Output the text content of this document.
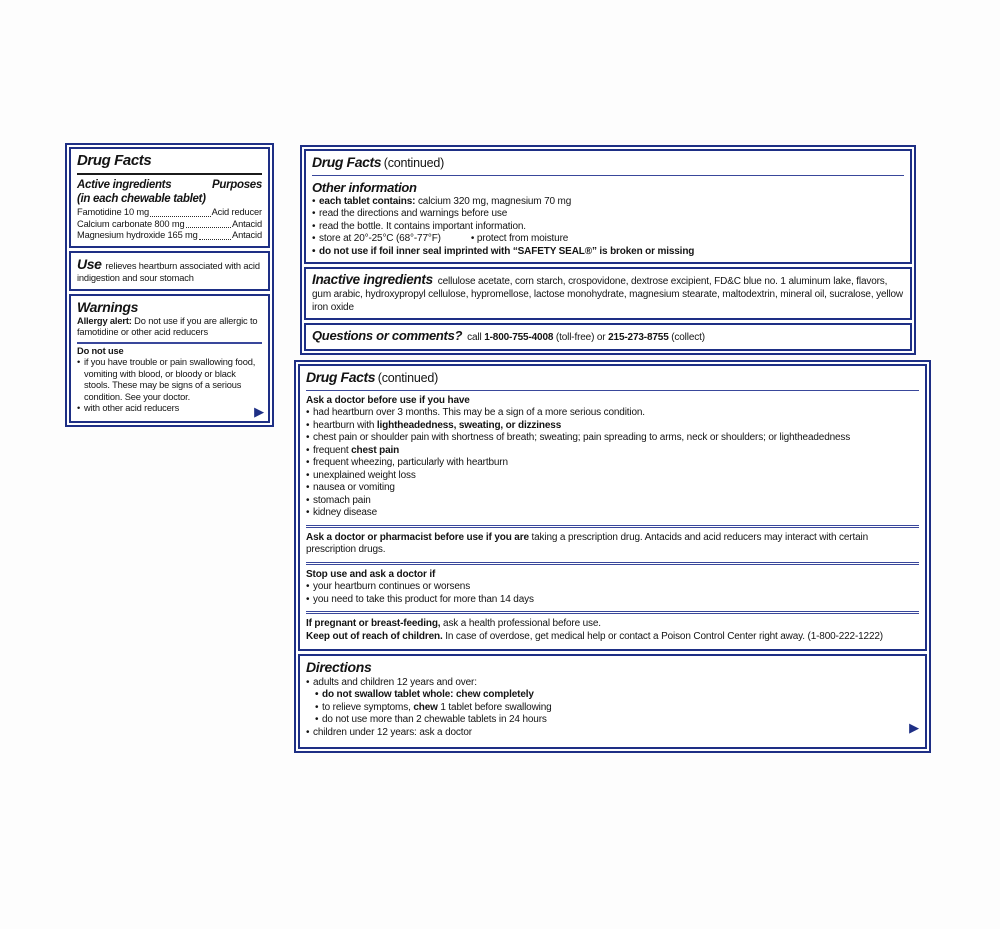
Drug Facts
Active ingredients	Purposes
(in each chewable tablet)
Famotidine 10 mg	Acid reducer
Calcium carbonate 800 mg	Antacid
Magnesium hydroxide 165 mg	Antacid
Use relieves heartburn associated with acid indigestion and sour stomach
Warnings
Allergy alert: Do not use if you are allergic to famotidine or other acid reducers
Do not use
• if you have trouble or pain swallowing food, vomiting with blood, or bloody or black stools. These may be signs of a serious condition. See your doctor.
• with other acid reducers	▶
Drug Facts (continued)
Other information
• each tablet contains: calcium 320 mg, magnesium 70 mg
• read the directions and warnings before use
• read the bottle. It contains important information.
• store at 20°-25°C (68°-77°F)	• protect from moisture
• do not use if foil inner seal imprinted with “SAFETY SEAL®” is broken or missing
Inactive ingredients cellulose acetate, corn starch, crospovidone, dextrose excipient, FD&C blue no. 1 aluminum lake, flavors, gum arabic, hydroxypropyl cellulose, hypromellose, lactose monohydrate, magnesium stearate, maltodextrin, mineral oil, sucralose, yellow iron oxide
Questions or comments? call 1-800-755-4008 (toll-free) or 215-273-8755 (collect)
Drug Facts (continued)
Ask a doctor before use if you have
• had heartburn over 3 months. This may be a sign of a more serious condition.
• heartburn with lightheadedness, sweating, or dizziness
• chest pain or shoulder pain with shortness of breath; sweating; pain spreading to arms, neck or shoulders; or lightheadedness
• frequent chest pain
• frequent wheezing, particularly with heartburn
• unexplained weight loss
• nausea or vomiting
• stomach pain
• kidney disease
Ask a doctor or pharmacist before use if you are taking a prescription drug. Antacids and acid reducers may interact with certain prescription drugs.
Stop use and ask a doctor if
• your heartburn continues or worsens
• you need to take this product for more than 14 days
If pregnant or breast-feeding, ask a health professional before use.
Keep out of reach of children. In case of overdose, get medical help or contact a Poison Control Center right away. (1-800-222-1222)
Directions
• adults and children 12 years and over:
• do not swallow tablet whole: chew completely
• to relieve symptoms, chew 1 tablet before swallowing
• do not use more than 2 chewable tablets in 24 hours
• children under 12 years: ask a doctor	▶
